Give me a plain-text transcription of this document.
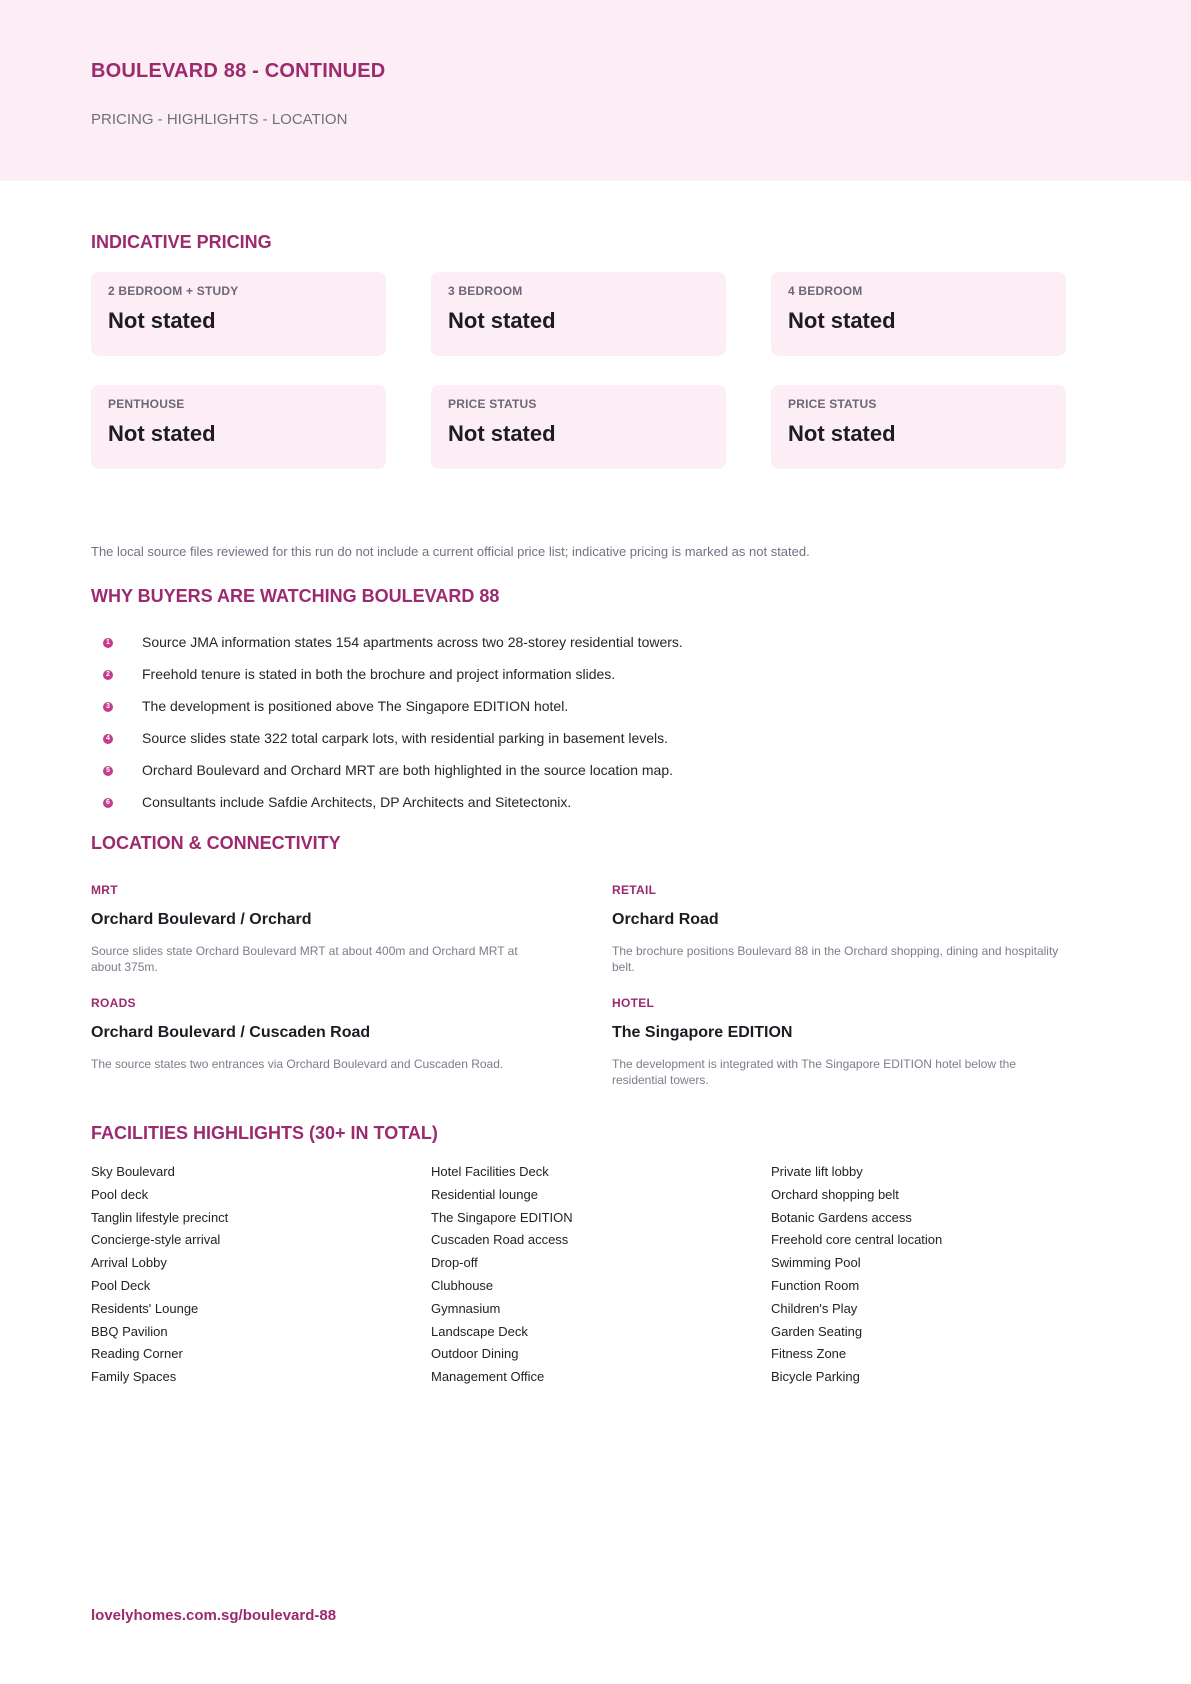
BOULEVARD 88 - CONTINUED
PRICING - HIGHLIGHTS - LOCATION
INDICATIVE PRICING
2 BEDROOM + STUDY
Not stated
3 BEDROOM
Not stated
4 BEDROOM
Not stated
PENTHOUSE
Not stated
PRICE STATUS
Not stated
PRICE STATUS
Not stated
The local source files reviewed for this run do not include a current official price list; indicative pricing is marked as not stated.
WHY BUYERS ARE WATCHING BOULEVARD 88
1 Source JMA information states 154 apartments across two 28-storey residential towers.
2 Freehold tenure is stated in both the brochure and project information slides.
3 The development is positioned above The Singapore EDITION hotel.
4 Source slides state 322 total carpark lots, with residential parking in basement levels.
5 Orchard Boulevard and Orchard MRT are both highlighted in the source location map.
6 Consultants include Safdie Architects, DP Architects and Sitetectonix.
LOCATION & CONNECTIVITY
MRT
Orchard Boulevard / Orchard
Source slides state Orchard Boulevard MRT at about 400m and Orchard MRT at about 375m.
RETAIL
Orchard Road
The brochure positions Boulevard 88 in the Orchard shopping, dining and hospitality belt.
ROADS
Orchard Boulevard / Cuscaden Road
The source states two entrances via Orchard Boulevard and Cuscaden Road.
HOTEL
The Singapore EDITION
The development is integrated with The Singapore EDITION hotel below the residential towers.
FACILITIES HIGHLIGHTS (30+ IN TOTAL)
Sky Boulevard
Pool deck
Tanglin lifestyle precinct
Concierge-style arrival
Arrival Lobby
Pool Deck
Residents' Lounge
BBQ Pavilion
Reading Corner
Family Spaces
Hotel Facilities Deck
Residential lounge
The Singapore EDITION
Cuscaden Road access
Drop-off
Clubhouse
Gymnasium
Landscape Deck
Outdoor Dining
Management Office
Private lift lobby
Orchard shopping belt
Botanic Gardens access
Freehold core central location
Swimming Pool
Function Room
Children's Play
Garden Seating
Fitness Zone
Bicycle Parking
lovelyhomes.com.sg/boulevard-88
